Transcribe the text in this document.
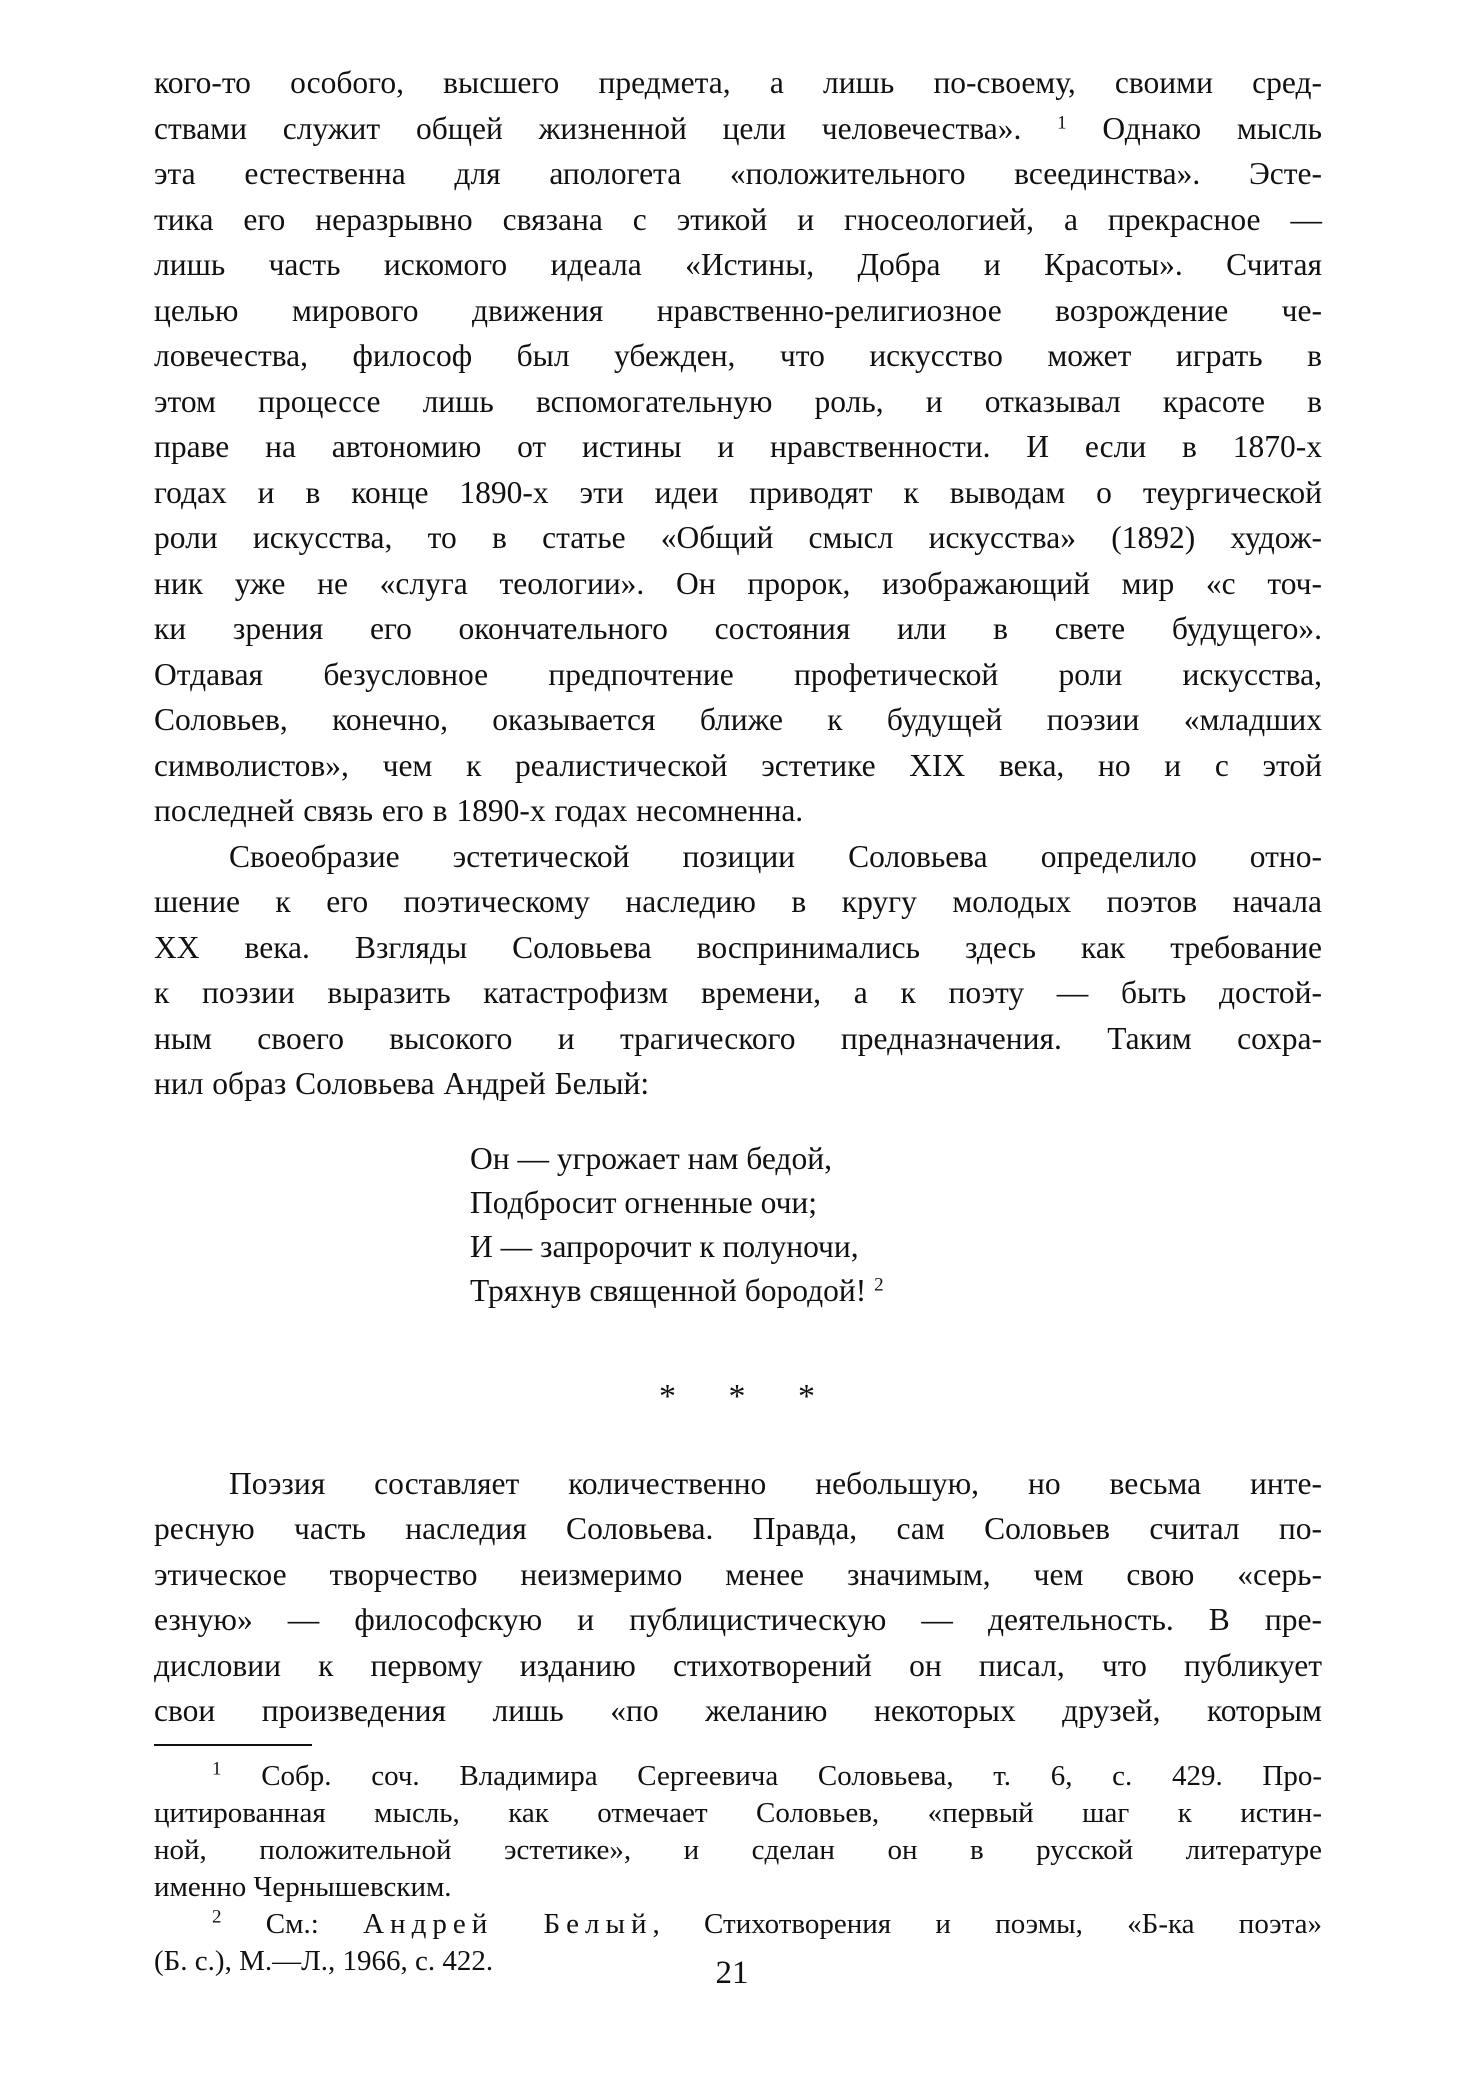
кого-то особого, высшего предмета, а лишь по-своему, своими сред-
ствами служит общей жизненной цели человечества». $^1$ Однако мысль
эта естественна для апологета «положительного всеединства». Эсте-
тика его неразрывно связана с этикой и гносеологией, а прекрасное —
лишь часть искомого идеала «Истины, Добра и Красоты». Считая
целью мирового движения нравственно-религиозное возрождение че-
ловечества, философ был убежден, что искусство может играть в
этом процессе лишь вспомогательную роль, и отказывал красоте в
праве на автономию от истины и нравственности. И если в 1870-х
годах и в конце 1890-х эти идеи приводят к выводам о теургической
роли искусства, то в статье «Общий смысл искусства» (1892) худож-
ник уже не «слуга теологии». Он пророк, изображающий мир «с точ-
ки зрения его окончательного состояния или в свете будущего».
Отдавая безусловное предпочтение профетической роли искусства,
Соловьев, конечно, оказывается ближе к будущей поэзии «младших
символистов», чем к реалистической эстетике XIX века, но и с этой
последней связь его в 1890-х годах несомненна.

Своеобразие эстетической позиции Соловьева определило отно-
шение к его поэтическому наследию в кругу молодых поэтов начала
XX века. Взгляды Соловьева воспринимались здесь как требование
к поэзии выразить катастрофизм времени, а к поэту — быть достой-
ным своего высокого и трагического предназначения. Таким сохра-
нил образ Соловьева Андрей Белый:

Он — угрожает нам бедой,
Подбросит огненные очи;
И — запророчит к полуночи,
Тряхнув священной бородой! $^2$
* * *

Поэзия составляет количественно небольшую, но весьма инте-
ресную часть наследия Соловьева. Правда, сам Соловьев считал по-
этическое творчество неизмеримо менее значимым, чем свою «серь-
езную» — философскую и публицистическую — деятельность. В пре-
дисловии к первому изданию стихотворений он писал, что публикует
свои произведения лишь «по желанию некоторых друзей, которым

$^1$ Собр. соч. Владимира Сергеевича Соловьева, т. 6, с. 429. Про-
цитированная мысль, как отмечает Соловьев, «первый шаг к истин-
ной, положительной эстетике», и сделан он в русской литературе
именно Чернышевским.
$^2$ См.: Андрей Белый, Стихотворения и поэмы, «Б-ка поэта»
(Б. с.), М.—Л., 1966, с. 422.	21
